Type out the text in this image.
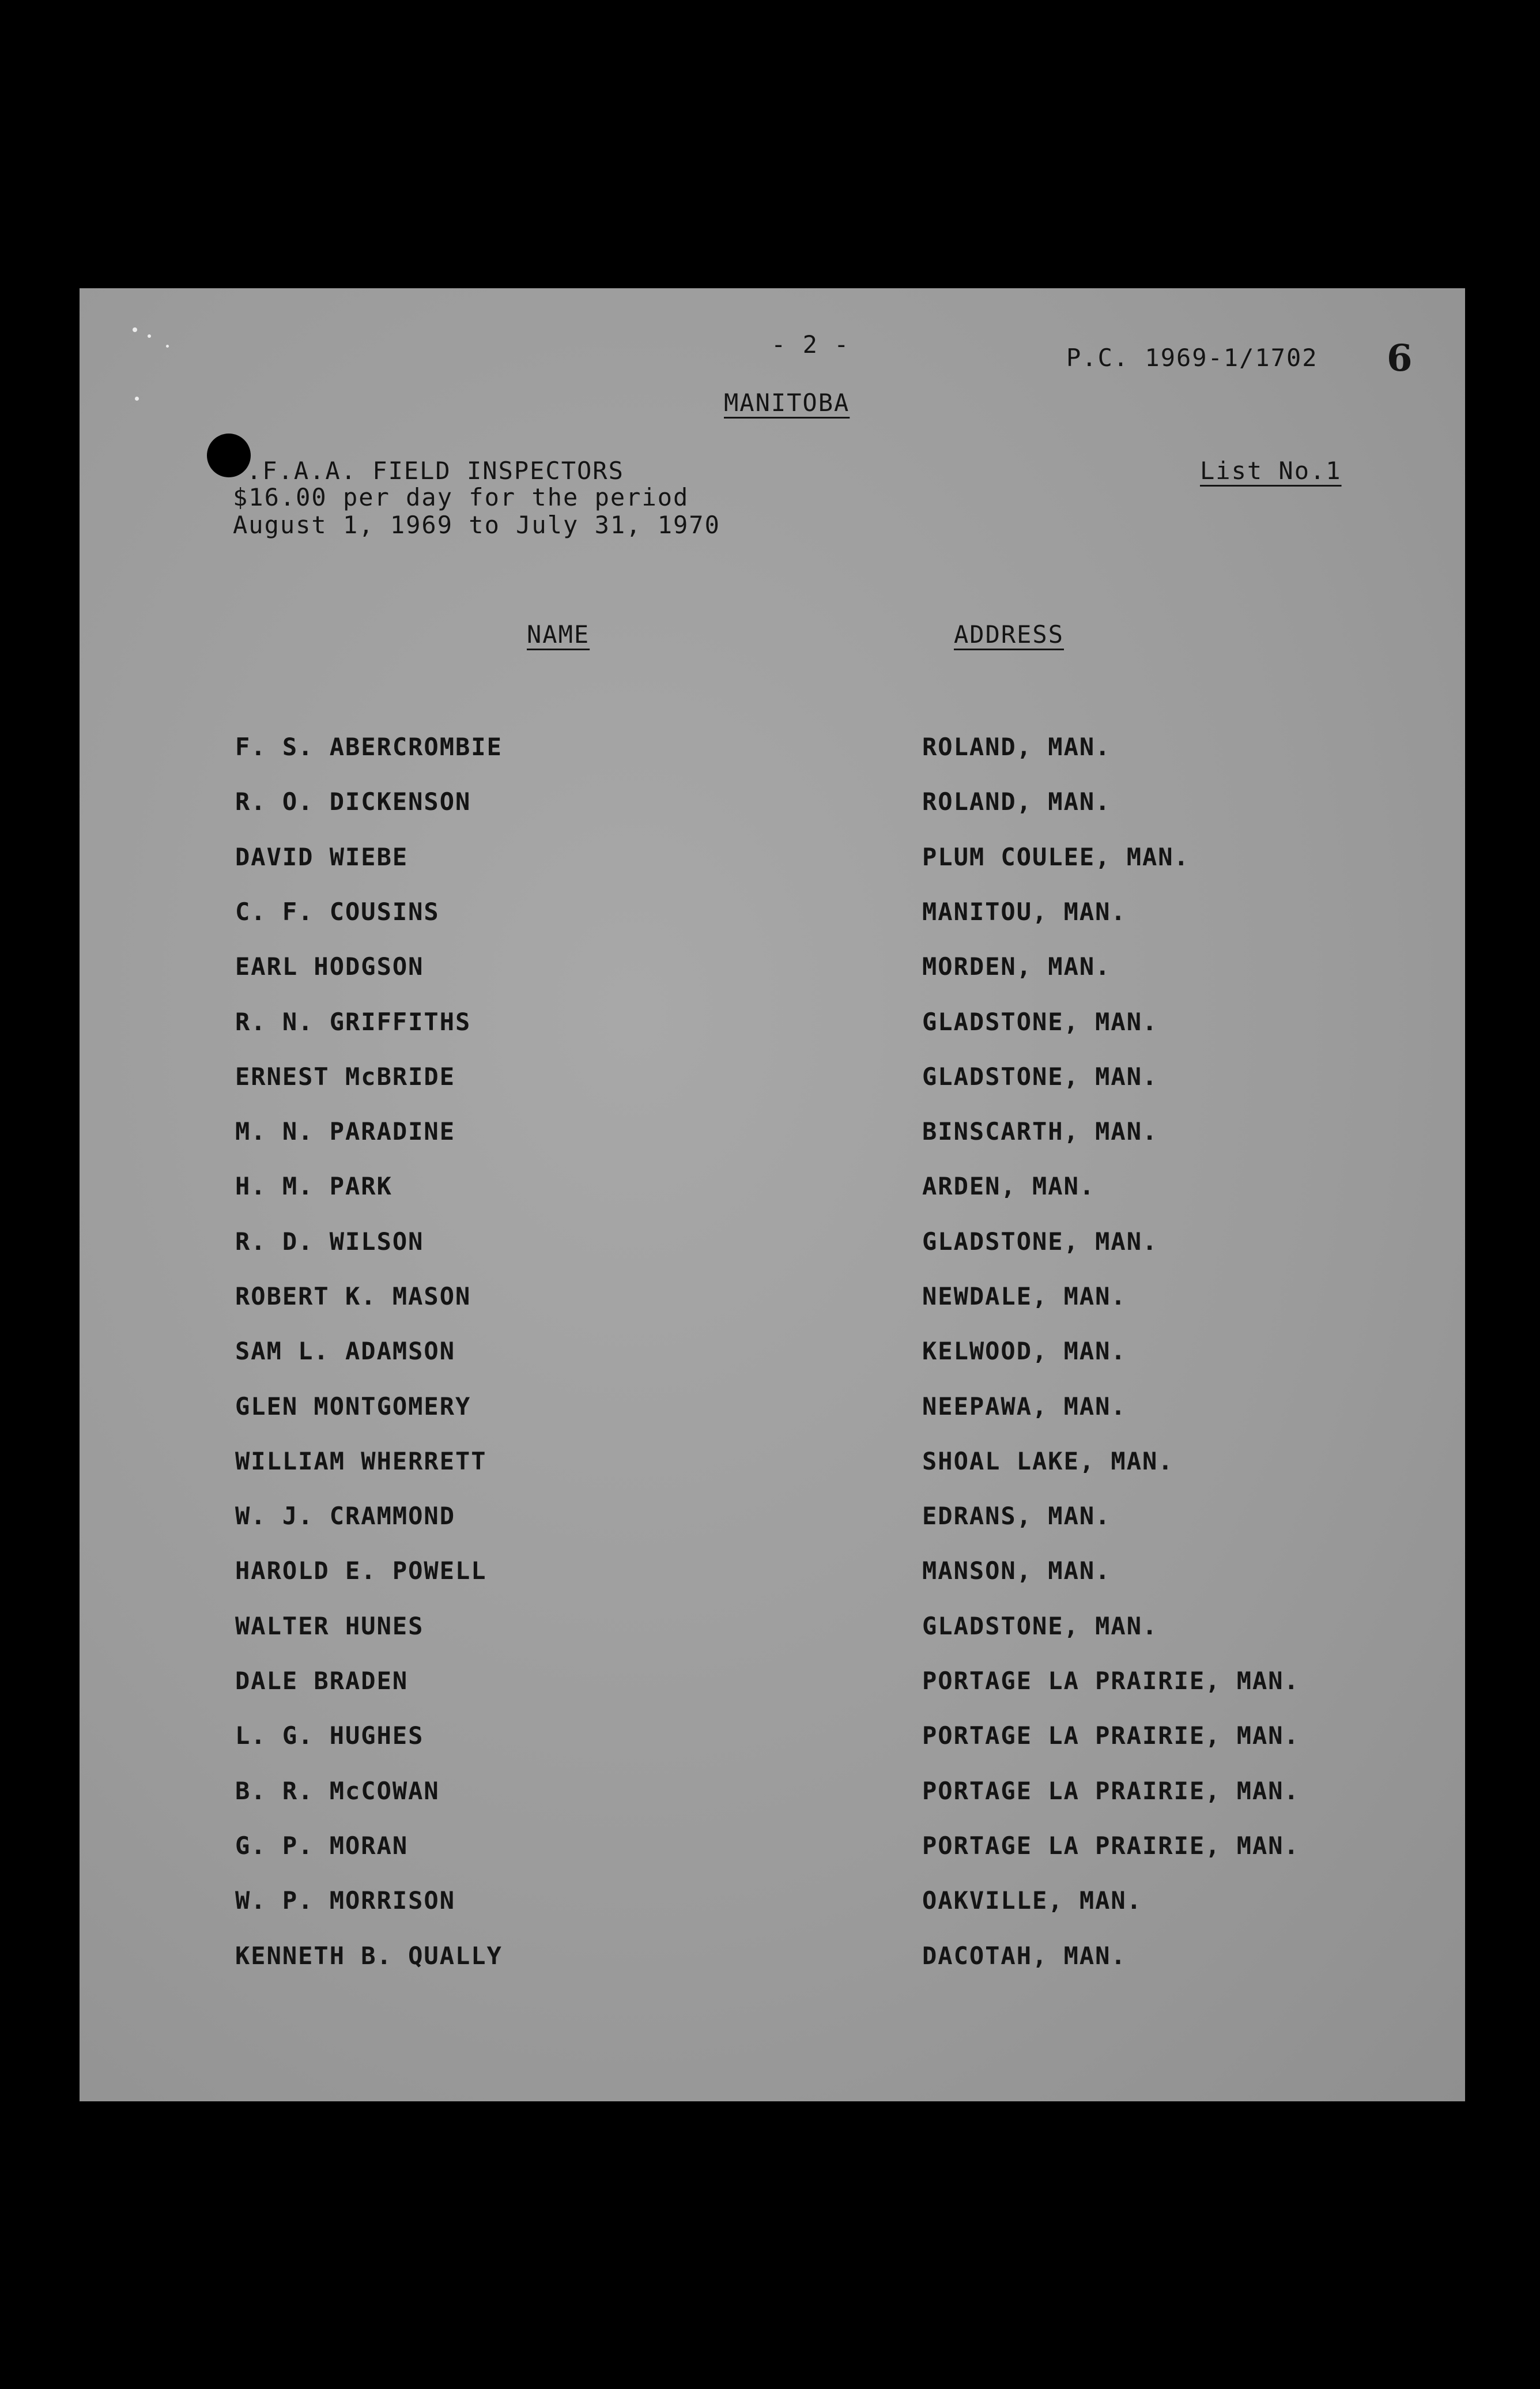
- 2 -	P.C. 1969-1/1702 6
MANITOBA
.F.A.A. FIELD INSPECTORS
$16.00 per day for the period
August 1, 1969 to July 31, 1970
List No.1
NAME	ADDRESS
F. S. ABERCROMBIE	ROLAND, MAN.
R. O. DICKENSON	ROLAND, MAN.
DAVID WIEBE	PLUM COULEE, MAN.
C. F. COUSINS	MANITOU, MAN.
EARL HODGSON	MORDEN, MAN.
R. N. GRIFFITHS	GLADSTONE, MAN.
ERNEST McBRIDE	GLADSTONE, MAN.
M. N. PARADINE	BINSCARTH, MAN.
H. M. PARK	ARDEN, MAN.
R. D. WILSON	GLADSTONE, MAN.
ROBERT K. MASON	NEWDALE, MAN.
SAM L. ADAMSON	KELWOOD, MAN.
GLEN MONTGOMERY	NEEPAWA, MAN.
WILLIAM WHERRETT	SHOAL LAKE, MAN.
W. J. CRAMMOND	EDRANS, MAN.
HAROLD E. POWELL	MANSON, MAN.
WALTER HUNES	GLADSTONE, MAN.
DALE BRADEN	PORTAGE LA PRAIRIE, MAN.
L. G. HUGHES	PORTAGE LA PRAIRIE, MAN.
B. R. McCOWAN	PORTAGE LA PRAIRIE, MAN.
G. P. MORAN	PORTAGE LA PRAIRIE, MAN.
W. P. MORRISON	OAKVILLE, MAN.
KENNETH B. QUALLY	DACOTAH, MAN.
